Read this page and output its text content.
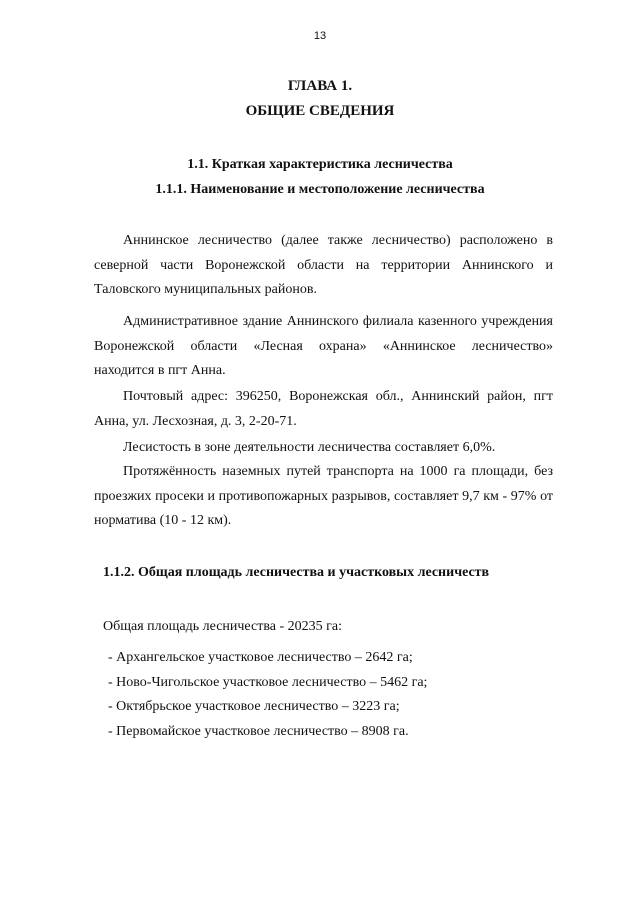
13
ГЛАВА 1.
ОБЩИЕ СВЕДЕНИЯ
1.1. Краткая характеристика лесничества
1.1.1. Наименование и местоположение лесничества

Аннинское лесничество (далее также лесничество) расположено в северной части Воронежской области на территории Аннинского и Таловского муниципальных районов.

Административное здание Аннинского филиала казенного учреждения Воронежской области «Лесная охрана» «Аннинское лесничество» находится в пгт Анна.

Почтовый адрес: 396250, Воронежская обл., Аннинский район, пгт Анна, ул. Лесхозная, д. 3, 2-20-71.

Лесистость в зоне деятельности лесничества составляет 6,0%.

Протяжённость наземных путей транспорта на 1000 га площади, без проезжих просеки и противопожарных разрывов, составляет 9,7 км - 97% от норматива (10 - 12 км).

1.1.2. Общая площадь лесничества и участковых лесничеств
Общая площадь лесничества - 20235 га:
- Архангельское участковое лесничество – 2642 га;
- Ново-Чигольское участковое лесничество – 5462 га;
- Октябрьское участковое лесничество – 3223 га;
- Первомайское участковое лесничество – 8908 га.
